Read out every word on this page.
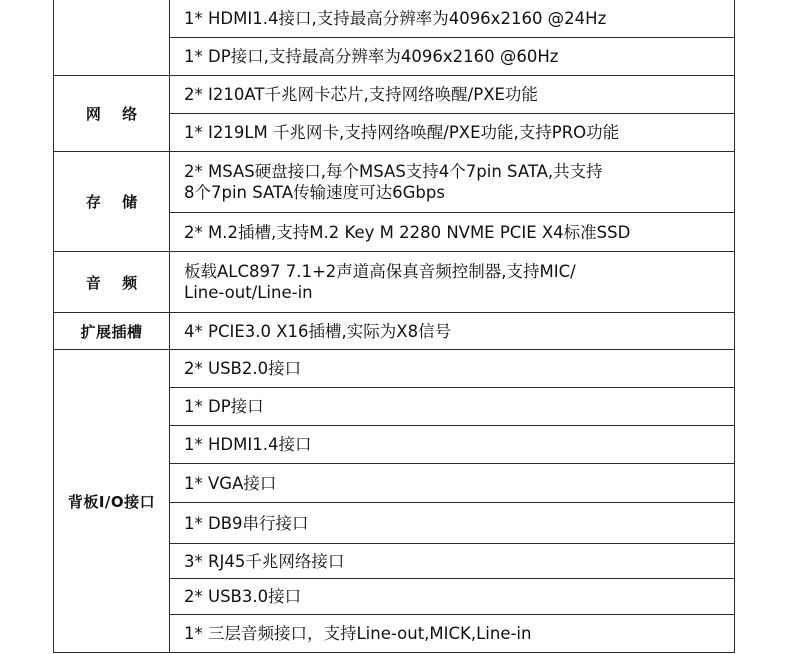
	1* HDMI1.4接口,支持最高分辨率为4096x2160 @24Hz
	1* DP接口,支持最高分辨率为4096x2160 @60Hz
网 络	2* I210AT千兆网卡芯片,支持网络唤醒/PXE功能
	1* I219LM 千兆网卡,支持网络唤醒/PXE功能,支持PRO功能
存 储	2* MSAS硬盘接口,每个MSAS支持4个7pin SATA,共支持
8个7pin SATA传输速度可达6Gbps
	2* M.2插槽,支持M.2 Key M 2280 NVME PCIE X4标准SSD
音 频	板载ALC897 7.1+2声道高保真音频控制器,支持MIC/
Line-out/Line-in
扩展插槽	4* PCIE3.0 X16插槽,实际为X8信号
背板I/O接口	2* USB2.0接口
	1* DP接口
	1* HDMI1.4接口
	1* VGA接口
	1* DB9串行接口
	3* RJ45千兆网络接口
	2* USB3.0接口
	1* 三层音频接口，支持Line-out,MICK,Line-in
